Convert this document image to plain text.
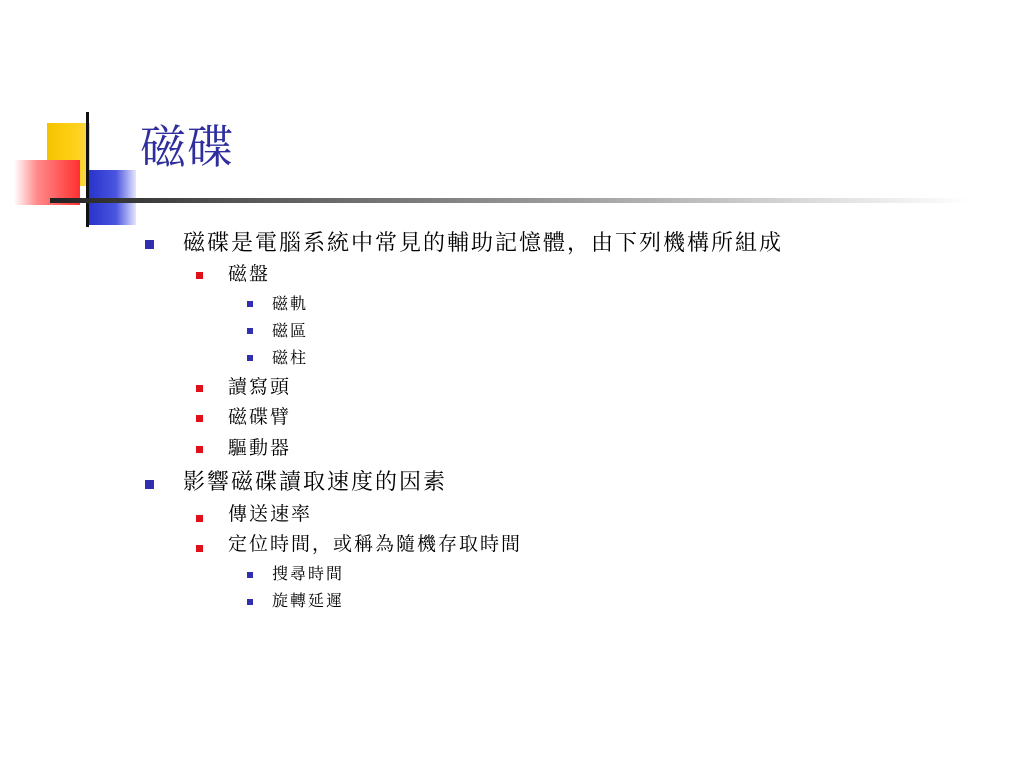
磁碟
磁碟是電腦系統中常見的輔助記憶體，由下列機構所組成
磁盤
磁軌
磁區
磁柱
讀寫頭
磁碟臂
驅動器
影響磁碟讀取速度的因素
傳送速率
定位時間，或稱為隨機存取時間
搜尋時間
旋轉延遲
